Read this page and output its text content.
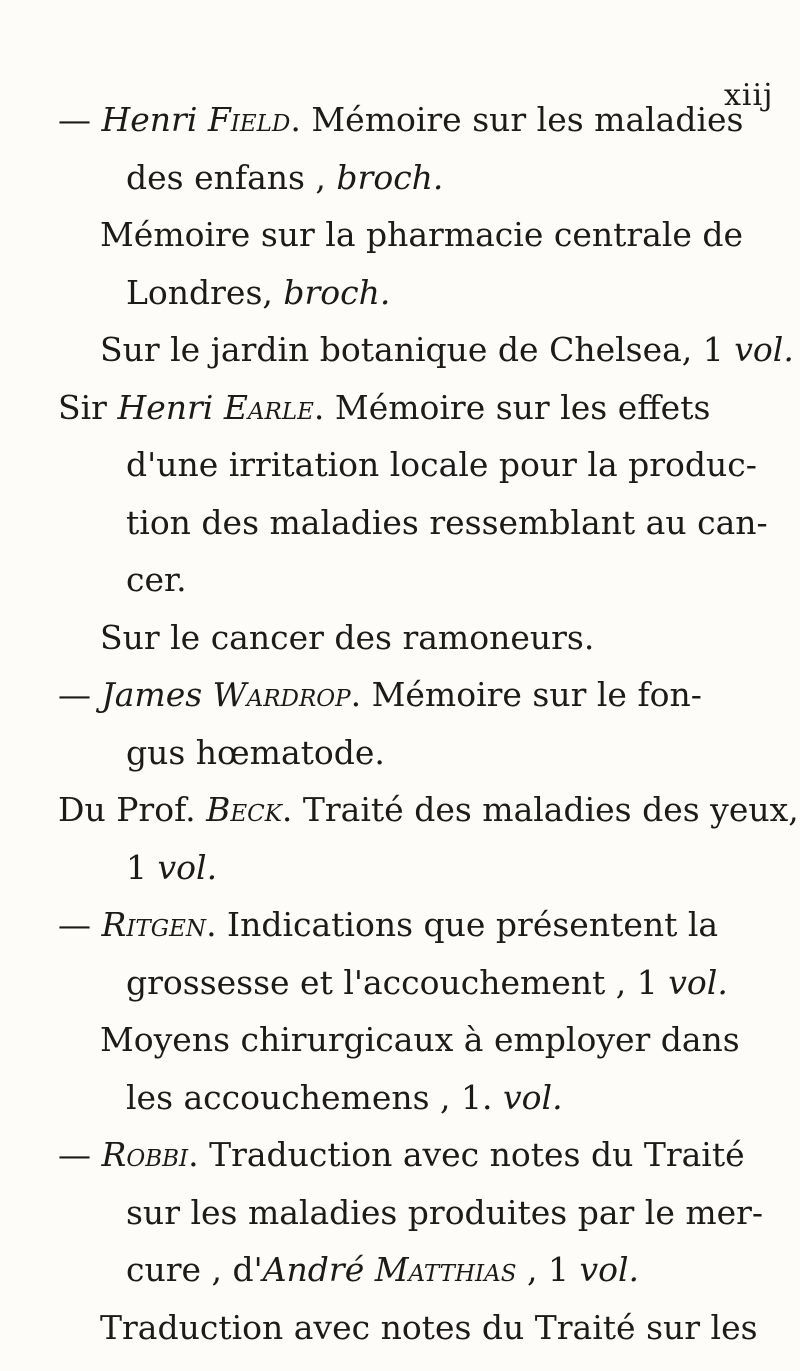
xiij
— Henri Field. Mémoire sur les maladies
des enfans , broch.
Mémoire sur la pharmacie centrale de
Londres, broch.
Sur le jardin botanique de Chelsea, 1 vol.
Sir Henri Earle. Mémoire sur les effets
d'une irritation locale pour la produc-
tion des maladies ressemblant au can-
cer.
Sur le cancer des ramoneurs.
— James Wardrop. Mémoire sur le fon-
gus hœmatode.
Du Prof. Beck. Traité des maladies des yeux,
1 vol.
— Ritgen. Indications que présentent la
grossesse et l'accouchement , 1 vol.
Moyens chirurgicaux à employer dans
les accouchemens , 1. vol.
— Robbi. Traduction avec notes du Traité
sur les maladies produites par le mer-
cure , d'André Matthias , 1 vol.
Traduction avec notes du Traité sur les
